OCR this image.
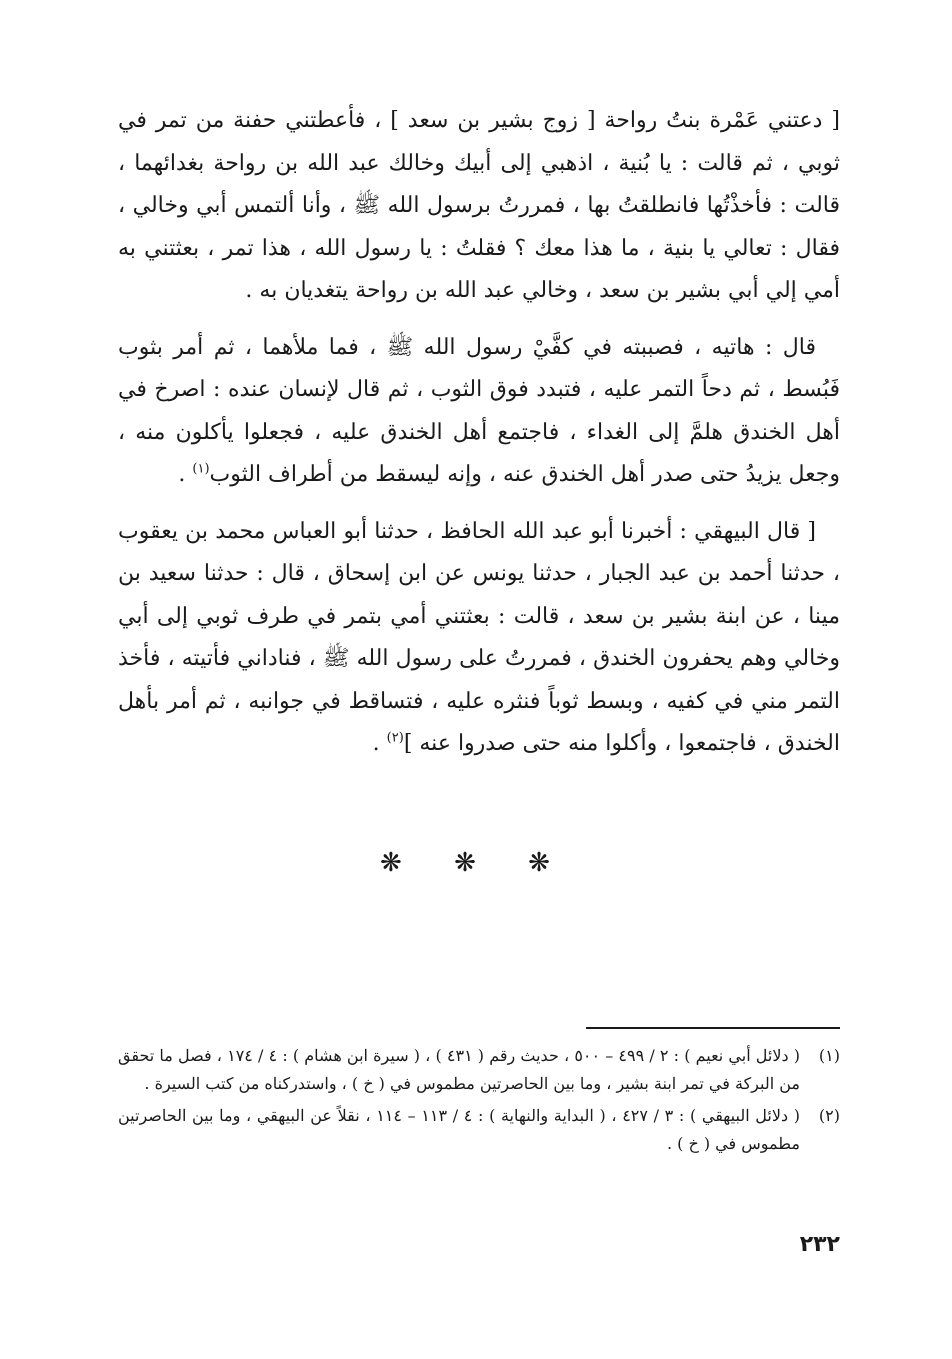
[ دعتني عَمْرة بنتُ رواحة [ زوج بشير بن سعد ] ، فأعطتني حفنة من تمر في ثوبي ، ثم قالت : يا بُنية ، اذهبي إلى أبيك وخالك عبد الله بن رواحة بغدائهما ، قالت : فأخذْتُها فانطلقتُ بها ، فمررتُ برسول الله ﷺ ، وأنا ألتمس أبي وخالي ، فقال : تعالي يا بنية ، ما هذا معك ؟ فقلتُ : يا رسول الله ، هذا تمر ، بعثتني به أمي إلي أبي بشير بن سعد ، وخالي عبد الله بن رواحة يتغديان به .

قال : هاتيه ، فصببته في كفَّيْ رسول الله ﷺ ، فما ملأهما ، ثم أمر بثوب فَبُسط ، ثم دحاً التمر عليه ، فتبدد فوق الثوب ، ثم قال لإنسان عنده : اصرخ في أهل الخندق هلمَّ إلى الغداء ، فاجتمع أهل الخندق عليه ، فجعلوا يأكلون منه ، وجعل يزيدُ حتى صدر أهل الخندق عنه ، وإنه ليسقط من أطراف الثوب$^{(١)}$ .

[ قال البيهقي : أخبرنا أبو عبد الله الحافظ ، حدثنا أبو العباس محمد بن يعقوب ، حدثنا أحمد بن عبد الجبار ، حدثنا يونس عن ابن إسحاق ، قال : حدثنا سعيد بن مينا ، عن ابنة بشير بن سعد ، قالت : بعثتني أمي بتمر في طرف ثوبي إلى أبي وخالي وهم يحفرون الخندق ، فمررتُ على رسول الله ﷺ ، فناداني فأتيته ، فأخذ التمر مني في كفيه ، وبسط ثوباً فنثره عليه ، فتساقط في جوانبه ، ثم أمر بأهل الخندق ، فاجتمعوا ، وأكلوا منه حتى صدروا عنه ]$^{(٢)}$ .

❋ ❋ ❋
(١)
( دلائل أبي نعيم ) : ٢ / ٤٩٩ – ٥٠٠ ، حديث رقم ( ٤٣١ ) ، ( سيرة ابن هشام ) : ٤ / ١٧٤ ، فصل ما تحقق من البركة في تمر ابنة بشير ، وما بين الحاصرتين مطموس في ( خ ) ، واستدركناه من كتب السيرة .
(٢)
( دلائل البيهقي ) : ٣ / ٤٢٧ ، ( البداية والنهاية ) : ٤ / ١١٣ – ١١٤ ، نقلاً عن البيهقي ، وما بين الحاصرتين مطموس في ( خ ) .
٢٣٢
